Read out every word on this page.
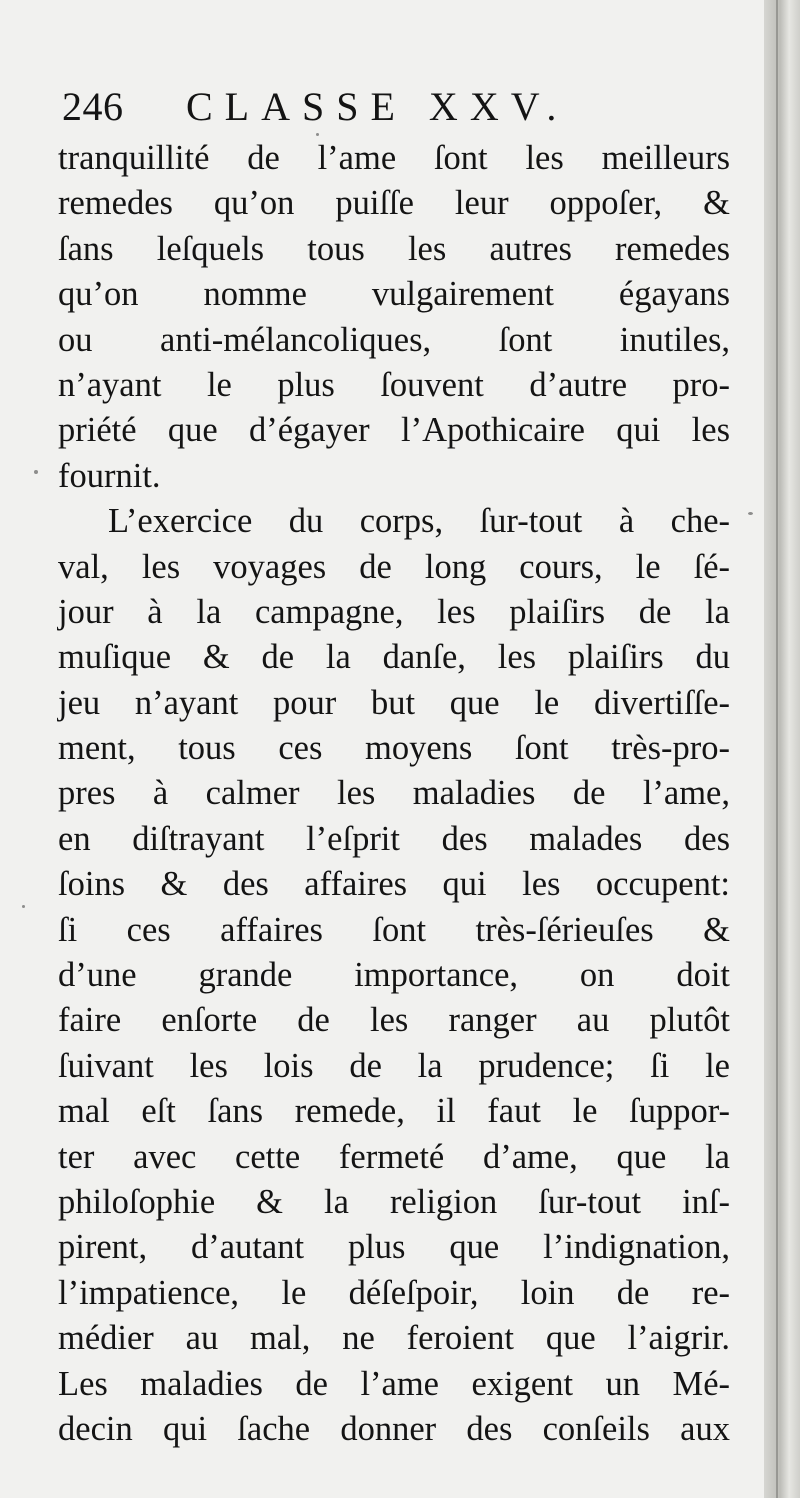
246 CLASSE XXV.
tranquillité de l’ame ſont les meilleurs
remedes qu’on puiſſe leur oppoſer, &
ſans leſquels tous les autres remedes
qu’on nomme vulgairement égayans
ou anti-mélancoliques, ſont inutiles,
n’ayant le plus ſouvent d’autre pro-
priété que d’égayer l’Apothicaire qui les
fournit.
L’exercice du corps, ſur-tout à che-
val, les voyages de long cours, le ſé-
jour à la campagne, les plaiſirs de la
muſique & de la danſe, les plaiſirs du
jeu n’ayant pour but que le divertiſſe-
ment, tous ces moyens ſont très-pro-
pres à calmer les maladies de l’ame,
en diſtrayant l’eſprit des malades des
ſoins & des affaires qui les occupent:
ſi ces affaires ſont très-ſérieuſes &
d’une grande importance, on doit
faire enſorte de les ranger au plutôt
ſuivant les lois de la prudence; ſi le
mal eſt ſans remede, il faut le ſuppor-
ter avec cette fermeté d’ame, que la
philoſophie & la religion ſur-tout inſ-
pirent, d’autant plus que l’indignation,
l’impatience, le déſeſpoir, loin de re-
médier au mal, ne feroient que l’aigrir.
Les maladies de l’ame exigent un Mé-
decin qui ſache donner des conſeils aux
